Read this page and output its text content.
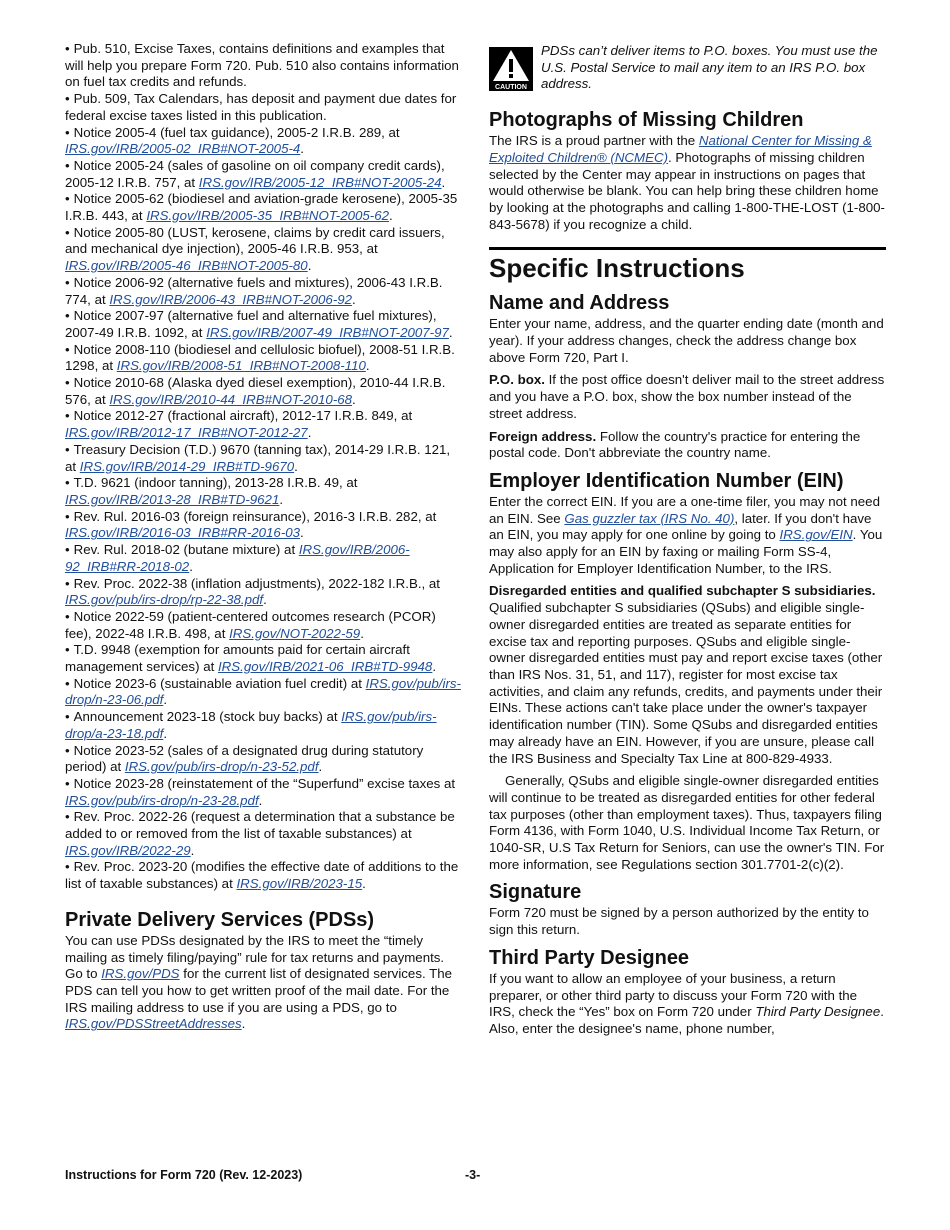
• Pub. 510, Excise Taxes, contains definitions and examples that will help you prepare Form 720. Pub. 510 also contains information on fuel tax credits and refunds.

• Pub. 509, Tax Calendars, has deposit and payment due dates for federal excise taxes listed in this publication.

• Notice 2005-4 (fuel tax guidance), 2005-2 I.R.B. 289, at IRS.gov/IRB/2005-02_IRB#NOT-2005-4.

• Notice 2005-24 (sales of gasoline on oil company credit cards), 2005-12 I.R.B. 757, at IRS.gov/IRB/2005-12_IRB#NOT-2005-24.

• Notice 2005-62 (biodiesel and aviation-grade kerosene), 2005-35 I.R.B. 443, at IRS.gov/IRB/2005-35_IRB#NOT-2005-62.

• Notice 2005-80 (LUST, kerosene, claims by credit card issuers, and mechanical dye injection), 2005-46 I.R.B. 953, at IRS.gov/IRB/2005-46_IRB#NOT-2005-80.

• Notice 2006-92 (alternative fuels and mixtures), 2006-43 I.R.B. 774, at IRS.gov/IRB/2006-43_IRB#NOT-2006-92.

• Notice 2007-97 (alternative fuel and alternative fuel mixtures), 2007-49 I.R.B. 1092, at IRS.gov/IRB/2007-49_IRB#NOT-2007-97.

• Notice 2008-110 (biodiesel and cellulosic biofuel), 2008-51 I.R.B. 1298, at IRS.gov/IRB/2008-51_IRB#NOT-2008-110.

• Notice 2010-68 (Alaska dyed diesel exemption), 2010-44 I.R.B. 576, at IRS.gov/IRB/2010-44_IRB#NOT-2010-68.

• Notice 2012-27 (fractional aircraft), 2012-17 I.R.B. 849, at IRS.gov/IRB/2012-17_IRB#NOT-2012-27.

• Treasury Decision (T.D.) 9670 (tanning tax), 2014-29 I.R.B. 121, at IRS.gov/IRB/2014-29_IRB#TD-9670.

• T.D. 9621 (indoor tanning), 2013-28 I.R.B. 49, at IRS.gov/IRB/2013-28_IRB#TD-9621.

• Rev. Rul. 2016-03 (foreign reinsurance), 2016-3 I.R.B. 282, at IRS.gov/IRB/2016-03_IRB#RR-2016-03.

• Rev. Rul. 2018-02 (butane mixture) at IRS.gov/IRB/2006-92_IRB#RR-2018-02.

• Rev. Proc. 2022-38 (inflation adjustments), 2022-182 I.R.B., at IRS.gov/pub/irs-drop/rp-22-38.pdf.

• Notice 2022-59 (patient-centered outcomes research (PCOR) fee), 2022-48 I.R.B. 498, at IRS.gov/NOT-2022-59.

• T.D. 9948 (exemption for amounts paid for certain aircraft management services) at IRS.gov/IRB/2021-06_IRB#TD-9948.

• Notice 2023-6 (sustainable aviation fuel credit) at IRS.gov/pub/irs-drop/n-23-06.pdf.

• Announcement 2023-18 (stock buy backs) at IRS.gov/pub/irs-drop/a-23-18.pdf.

• Notice 2023-52 (sales of a designated drug during statutory period) at IRS.gov/pub/irs-drop/n-23-52.pdf.

• Notice 2023-28 (reinstatement of the “Superfund” excise taxes at IRS.gov/pub/irs-drop/n-23-28.pdf.

• Rev. Proc. 2022-26 (request a determination that a substance be added to or removed from the list of taxable substances) at IRS.gov/IRB/2022-29.

• Rev. Proc. 2023-20 (modifies the effective date of additions to the list of taxable substances) at IRS.gov/IRB/2023-15.

Private Delivery Services (PDSs)

You can use PDSs designated by the IRS to meet the “timely mailing as timely filing/paying” rule for tax returns and payments. Go to IRS.gov/PDS for the current list of designated services. The PDS can tell you how to get written proof of the mail date. For the IRS mailing address to use if you are using a PDS, go to IRS.gov/PDSStreetAddresses.

CAUTION
PDSs can’t deliver items to P.O. boxes. You must use the U.S. Postal Service to mail any item to an IRS P.O. box address.
Photographs of Missing Children

The IRS is a proud partner with the National Center for Missing & Exploited Children® (NCMEC). Photographs of missing children selected by the Center may appear in instructions on pages that would otherwise be blank. You can help bring these children home by looking at the photographs and calling 1-800-THE-LOST (1-800-843-5678) if you recognize a child.

Specific Instructions
Name and Address

Enter your name, address, and the quarter ending date (month and year). If your address changes, check the address change box above Form 720, Part I.

P.O. box. If the post office doesn't deliver mail to the street address and you have a P.O. box, show the box number instead of the street address.

Foreign address. Follow the country's practice for entering the postal code. Don't abbreviate the country name.

Employer Identification Number (EIN)

Enter the correct EIN. If you are a one-time filer, you may not need an EIN. See Gas guzzler tax (IRS No. 40), later. If you don't have an EIN, you may apply for one online by going to IRS.gov/EIN. You may also apply for an EIN by faxing or mailing Form SS-4, Application for Employer Identification Number, to the IRS.

Disregarded entities and qualified subchapter S subsidiaries. Qualified subchapter S subsidiaries (QSubs) and eligible single-owner disregarded entities are treated as separate entities for excise tax and reporting purposes. QSubs and eligible single-owner disregarded entities must pay and report excise taxes (other than IRS Nos. 31, 51, and 117), register for most excise tax activities, and claim any refunds, credits, and payments under their EINs. These actions can't take place under the owner's taxpayer identification number (TIN). Some QSubs and disregarded entities may already have an EIN. However, if you are unsure, please call the IRS Business and Specialty Tax Line at 800-829-4933.

Generally, QSubs and eligible single-owner disregarded entities will continue to be treated as disregarded entities for other federal tax purposes (other than employment taxes). Thus, taxpayers filing Form 4136, with Form 1040, U.S. Individual Income Tax Return, or 1040-SR, U.S Tax Return for Seniors, can use the owner's TIN. For more information, see Regulations section 301.7701-2(c)(2).

Signature

Form 720 must be signed by a person authorized by the entity to sign this return.

Third Party Designee

If you want to allow an employee of your business, a return preparer, or other third party to discuss your Form 720 with the IRS, check the “Yes” box on Form 720 under Third Party Designee. Also, enter the designee's name, phone number,

Instructions for Form 720 (Rev. 12-2023)	-3-
